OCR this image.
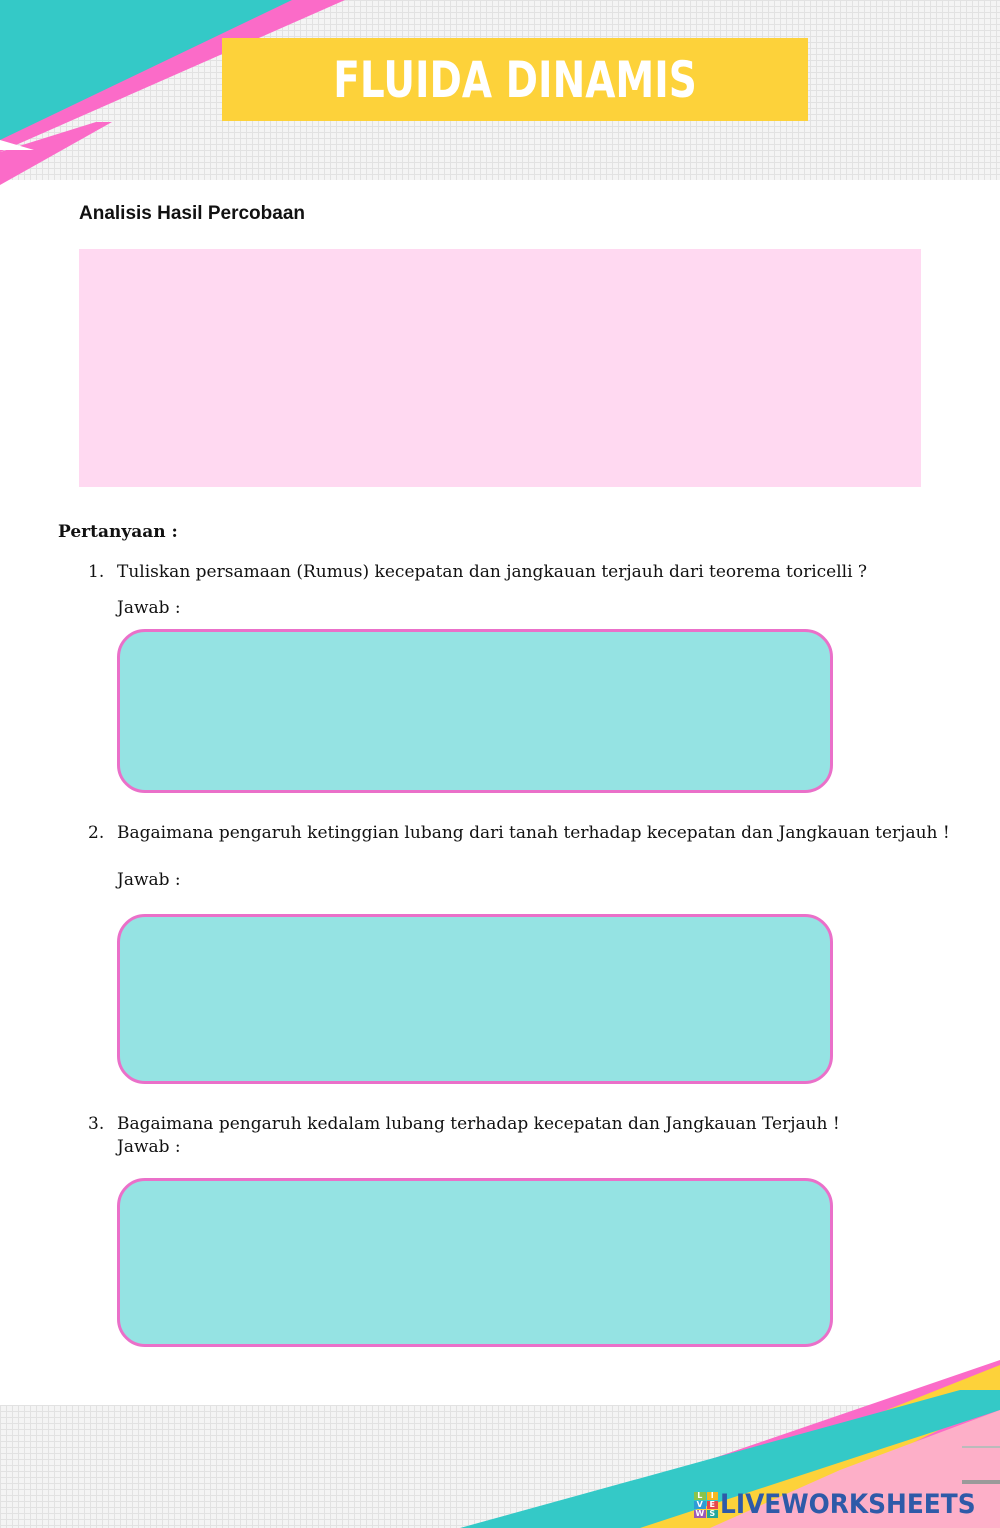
FLUIDA DINAMIS
Analisis Hasil Percobaan
Pertanyaan :
1. Tuliskan persamaan (Rumus) kecepatan dan jangkauan terjauh dari teorema toricelli ?
Jawab :
2. Bagaimana pengaruh ketinggian lubang dari tanah terhadap kecepatan dan Jangkauan terjauh !
Jawab :
3. Bagaimana pengaruh kedalam lubang terhadap kecepatan dan Jangkauan Terjauh !
Jawab :
L	I
V E
W S LIVEWORKSHEETS
